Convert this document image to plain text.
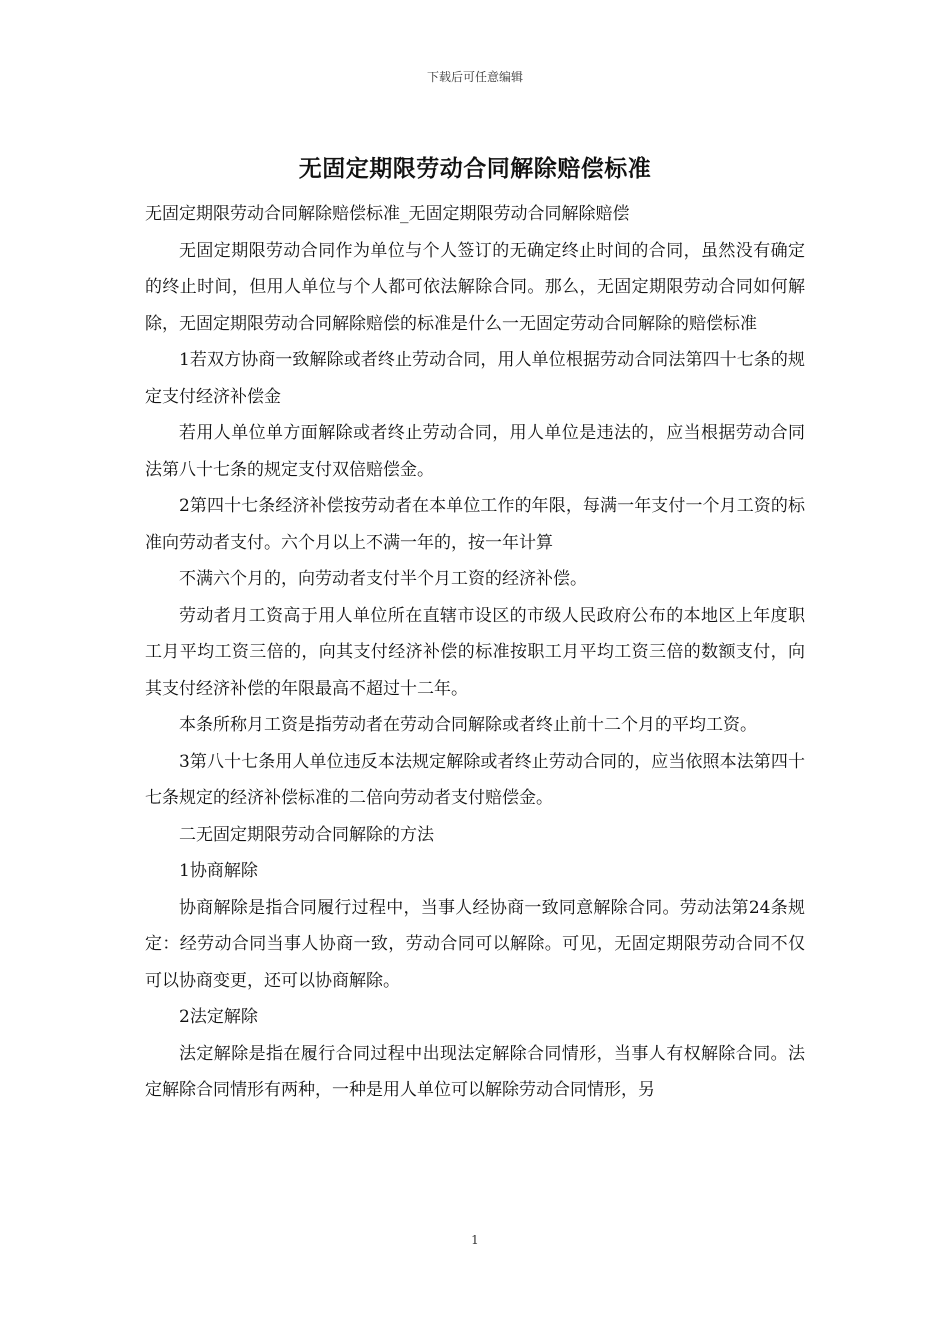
下载后可任意编辑
无固定期限劳动合同解除赔偿标准

无固定期限劳动合同解除赔偿标准_无固定期限劳动合同解除赔偿

无固定期限劳动合同作为单位与个人签订的无确定终止时间的合同，虽然没有确定的终止时间，但用人单位与个人都可依法解除合同。那么，无固定期限劳动合同如何解除，无固定期限劳动合同解除赔偿的标准是什么一无固定劳动合同解除的赔偿标准

1若双方协商一致解除或者终止劳动合同，用人单位根据劳动合同法第四十七条的规定支付经济补偿金

若用人单位单方面解除或者终止劳动合同，用人单位是违法的，应当根据劳动合同法第八十七条的规定支付双倍赔偿金。

2第四十七条经济补偿按劳动者在本单位工作的年限，每满一年支付一个月工资的标准向劳动者支付。六个月以上不满一年的，按一年计算

不满六个月的，向劳动者支付半个月工资的经济补偿。

劳动者月工资高于用人单位所在直辖市设区的市级人民政府公布的本地区上年度职工月平均工资三倍的，向其支付经济补偿的标准按职工月平均工资三倍的数额支付，向其支付经济补偿的年限最高不超过十二年。

本条所称月工资是指劳动者在劳动合同解除或者终止前十二个月的平均工资。

3第八十七条用人单位违反本法规定解除或者终止劳动合同的，应当依照本法第四十七条规定的经济补偿标准的二倍向劳动者支付赔偿金。

二无固定期限劳动合同解除的方法

1协商解除

协商解除是指合同履行过程中，当事人经协商一致同意解除合同。劳动法第24条规定：经劳动合同当事人协商一致，劳动合同可以解除。可见，无固定期限劳动合同不仅可以协商变更，还可以协商解除。

2法定解除

法定解除是指在履行合同过程中出现法定解除合同情形，当事人有权解除合同。法定解除合同情形有两种，一种是用人单位可以解除劳动合同情形，另

1
